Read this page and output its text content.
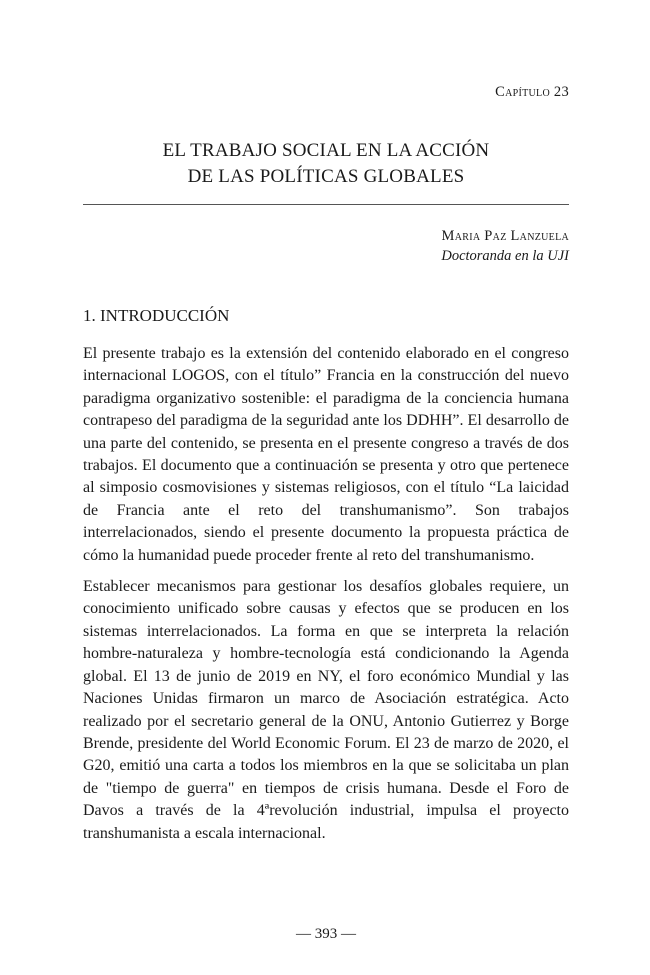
Capítulo 23
EL TRABAJO SOCIAL EN LA ACCIÓN
DE LAS POLÍTICAS GLOBALES
Maria Paz Lanzuela
Doctoranda en la UJI
1. INTRODUCCIÓN

El presente trabajo es la extensión del contenido elaborado en el congreso internacional LOGOS, con el título” Francia en la construcción del nuevo paradigma organizativo sostenible: el paradigma de la conciencia humana contrapeso del paradigma de la seguridad ante los DDHH”. El desarrollo de una parte del contenido, se presenta en el presente congreso a través de dos trabajos. El documento que a continuación se presenta y otro que pertenece al simposio cosmovisiones y sistemas religiosos, con el título “La laicidad de Francia ante el reto del transhumanismo”. Son trabajos interrelacionados, siendo el presente documento la propuesta práctica de cómo la humanidad puede proceder frente al reto del transhumanismo.

Establecer mecanismos para gestionar los desafíos globales requiere, un conocimiento unificado sobre causas y efectos que se producen en los sistemas interrelacionados. La forma en que se interpreta la relación hombre-naturaleza y hombre-tecnología está condicionando la Agenda global. El 13 de junio de 2019 en NY, el foro económico Mundial y las Naciones Unidas firmaron un marco de Asociación estratégica. Acto realizado por el secretario general de la ONU, Antonio Gutierrez y Borge Brende, presidente del World Economic Forum. El 23 de marzo de 2020, el G20, emitió una carta a todos los miembros en la que se solicitaba un plan de "tiempo de guerra" en tiempos de crisis humana. Desde el Foro de Davos a través de la 4ªrevolución industrial, impulsa el proyecto transhumanista a escala internacional.

— 393 —
